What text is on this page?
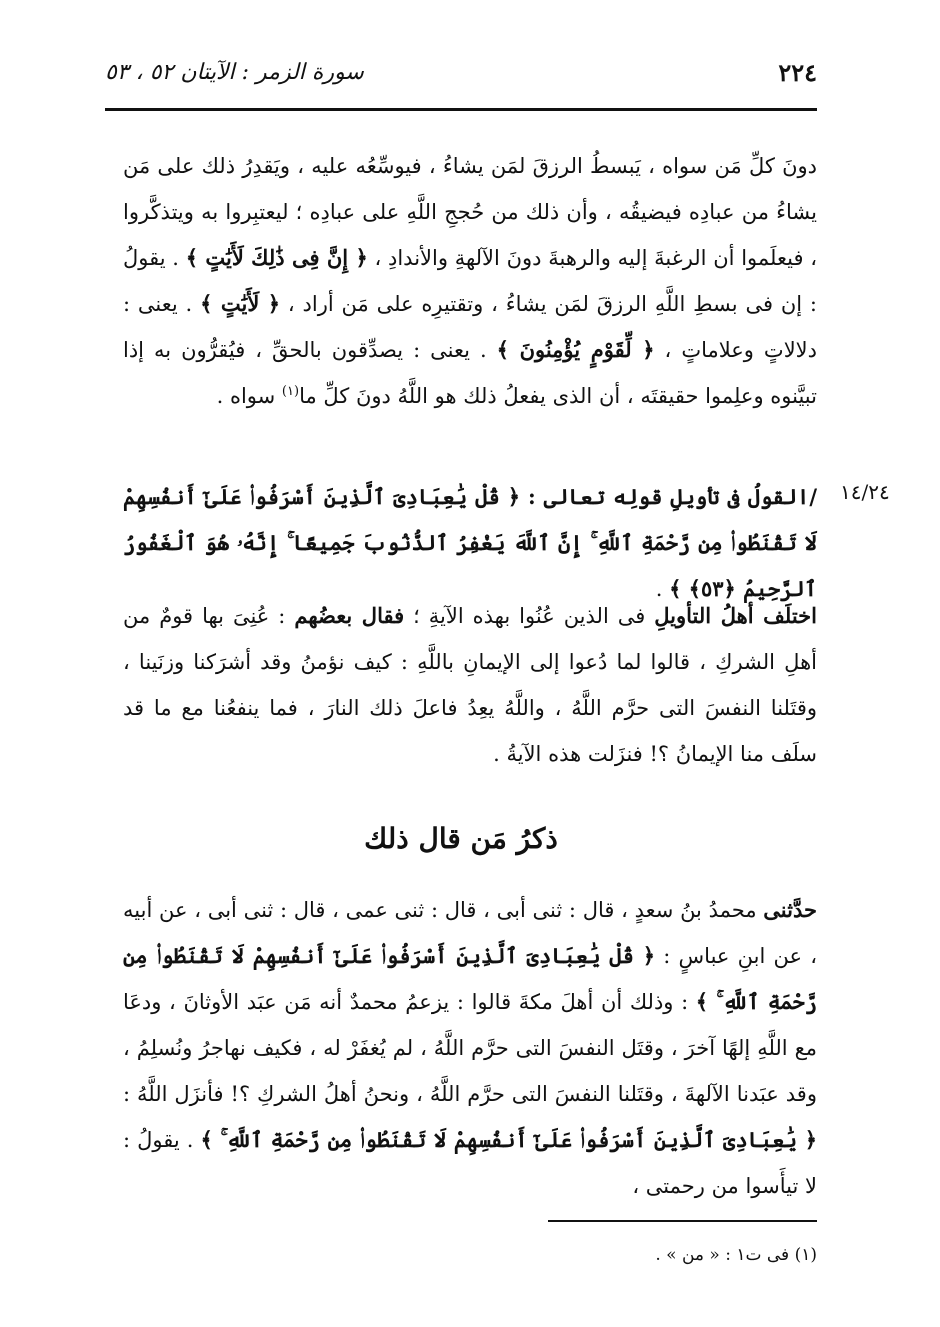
٢٢٤
سورة الزمر : الآيتان ٥٢ ، ٥٣
دونَ كلِّ مَن سواه ، يَبسطُ الرزقَ لمَن يشاءُ ، فيوسِّعُه عليه ، ويَقدِرُ ذلك على مَن يشاءُ من عبادِه فيضيقُه ، وأن ذلك من حُججِ اللَّهِ على عبادِه ؛ ليعتبِروا به ويتذكَّروا ، فيعلَموا أن الرغبةَ إليه والرهبةَ دونَ الآلهةِ والأندادِ ، ﴿ إِنَّ فِى ذَٰلِكَ لَأَيَٰتٍ ﴾ . يقولُ : إن فى بسطِ اللَّهِ الرزقَ لمَن يشاءُ ، وتقتيرِه على مَن أراد ، ﴿ لَأَيَٰتٍ ﴾ . يعنى : دلالاتٍ وعلاماتٍ ، ﴿ لِّقَوْمٍ يُؤْمِنُونَ ﴾ . يعنى : يصدِّقون بالحقِّ ، فيُقرُّون به إذا تبيَّنوه وعلِموا حقيقتَه ، أن الذى يفعلُ ذلك هو اللَّهُ دونَ كلِّ ما$^{(١)}$ سواه .
١٤/٢٤
/القولُ فى تأويلِ قولِه تعالى : ﴿ قُلْ يَٰعِبَادِىَ ٱلَّذِينَ أَسْرَفُوا۟ عَلَىٰٓ أَنفُسِهِمْ لَا تَقْنَطُوا۟ مِن رَّحْمَةِ ٱللَّهِ ۚ إِنَّ ٱللَّهَ يَغْفِرُ ٱلذُّنُوبَ جَمِيعًا ۚ إِنَّهُۥ هُوَ ٱلْغَفُورُ ٱلرَّحِيمُ ﴿٥٣﴾ ﴾ .
اختلَف أهلُ التأويلِ فى الذين عُنُوا بهذه الآيةِ ؛ فقال بعضُهم : عُنِىَ بها قومٌ من أهلِ الشركِ ، قالوا لما دُعوا إلى الإيمانِ باللَّهِ : كيف نؤمنُ وقد أشرَكنا وزنَينا ، وقتَلنا النفسَ التى حرَّم اللَّهُ ، واللَّهُ يعِدُ فاعلَ ذلك النارَ ، فما ينفعُنا مع ما قد سلَف منا الإيمانُ ؟! فنزَلت هذه الآيةُ .
ذكرُ مَن قال ذلك
حدَّثنى محمدُ بنُ سعدٍ ، قال : ثنى أبى ، قال : ثنى عمى ، قال : ثنى أبى ، عن أبيه ، عن ابنِ عباسٍ : ﴿ قُلْ يَٰعِبَادِىَ ٱلَّذِينَ أَسْرَفُوا۟ عَلَىٰٓ أَنفُسِهِمْ لَا تَقْنَطُوا۟ مِن رَّحْمَةِ ٱللَّهِ ۚ ﴾ : وذلك أن أهلَ مكةَ قالوا : يزعمُ محمدٌ أنه مَن عبَد الأوثانَ ، ودعَا مع اللَّهِ إلهًا آخرَ ، وقتَل النفسَ التى حرَّم اللَّهُ ، لم يُغفَرْ له ، فكيف نهاجرُ ونُسلِمُ ، وقد عبَدنا الآلهةَ ، وقتَلنا النفسَ التى حرَّم اللَّهُ ، ونحنُ أهلُ الشركِ ؟! فأنزَل اللَّهُ : ﴿ يَٰعِبَادِىَ ٱلَّذِينَ أَسْرَفُوا۟ عَلَىٰٓ أَنفُسِهِمْ لَا تَقْنَطُوا۟ مِن رَّحْمَةِ ٱللَّهِ ۚ ﴾ . يقولُ : لا تيأَسوا من رحمتى ،
(١) فى ت١ : « من » .
